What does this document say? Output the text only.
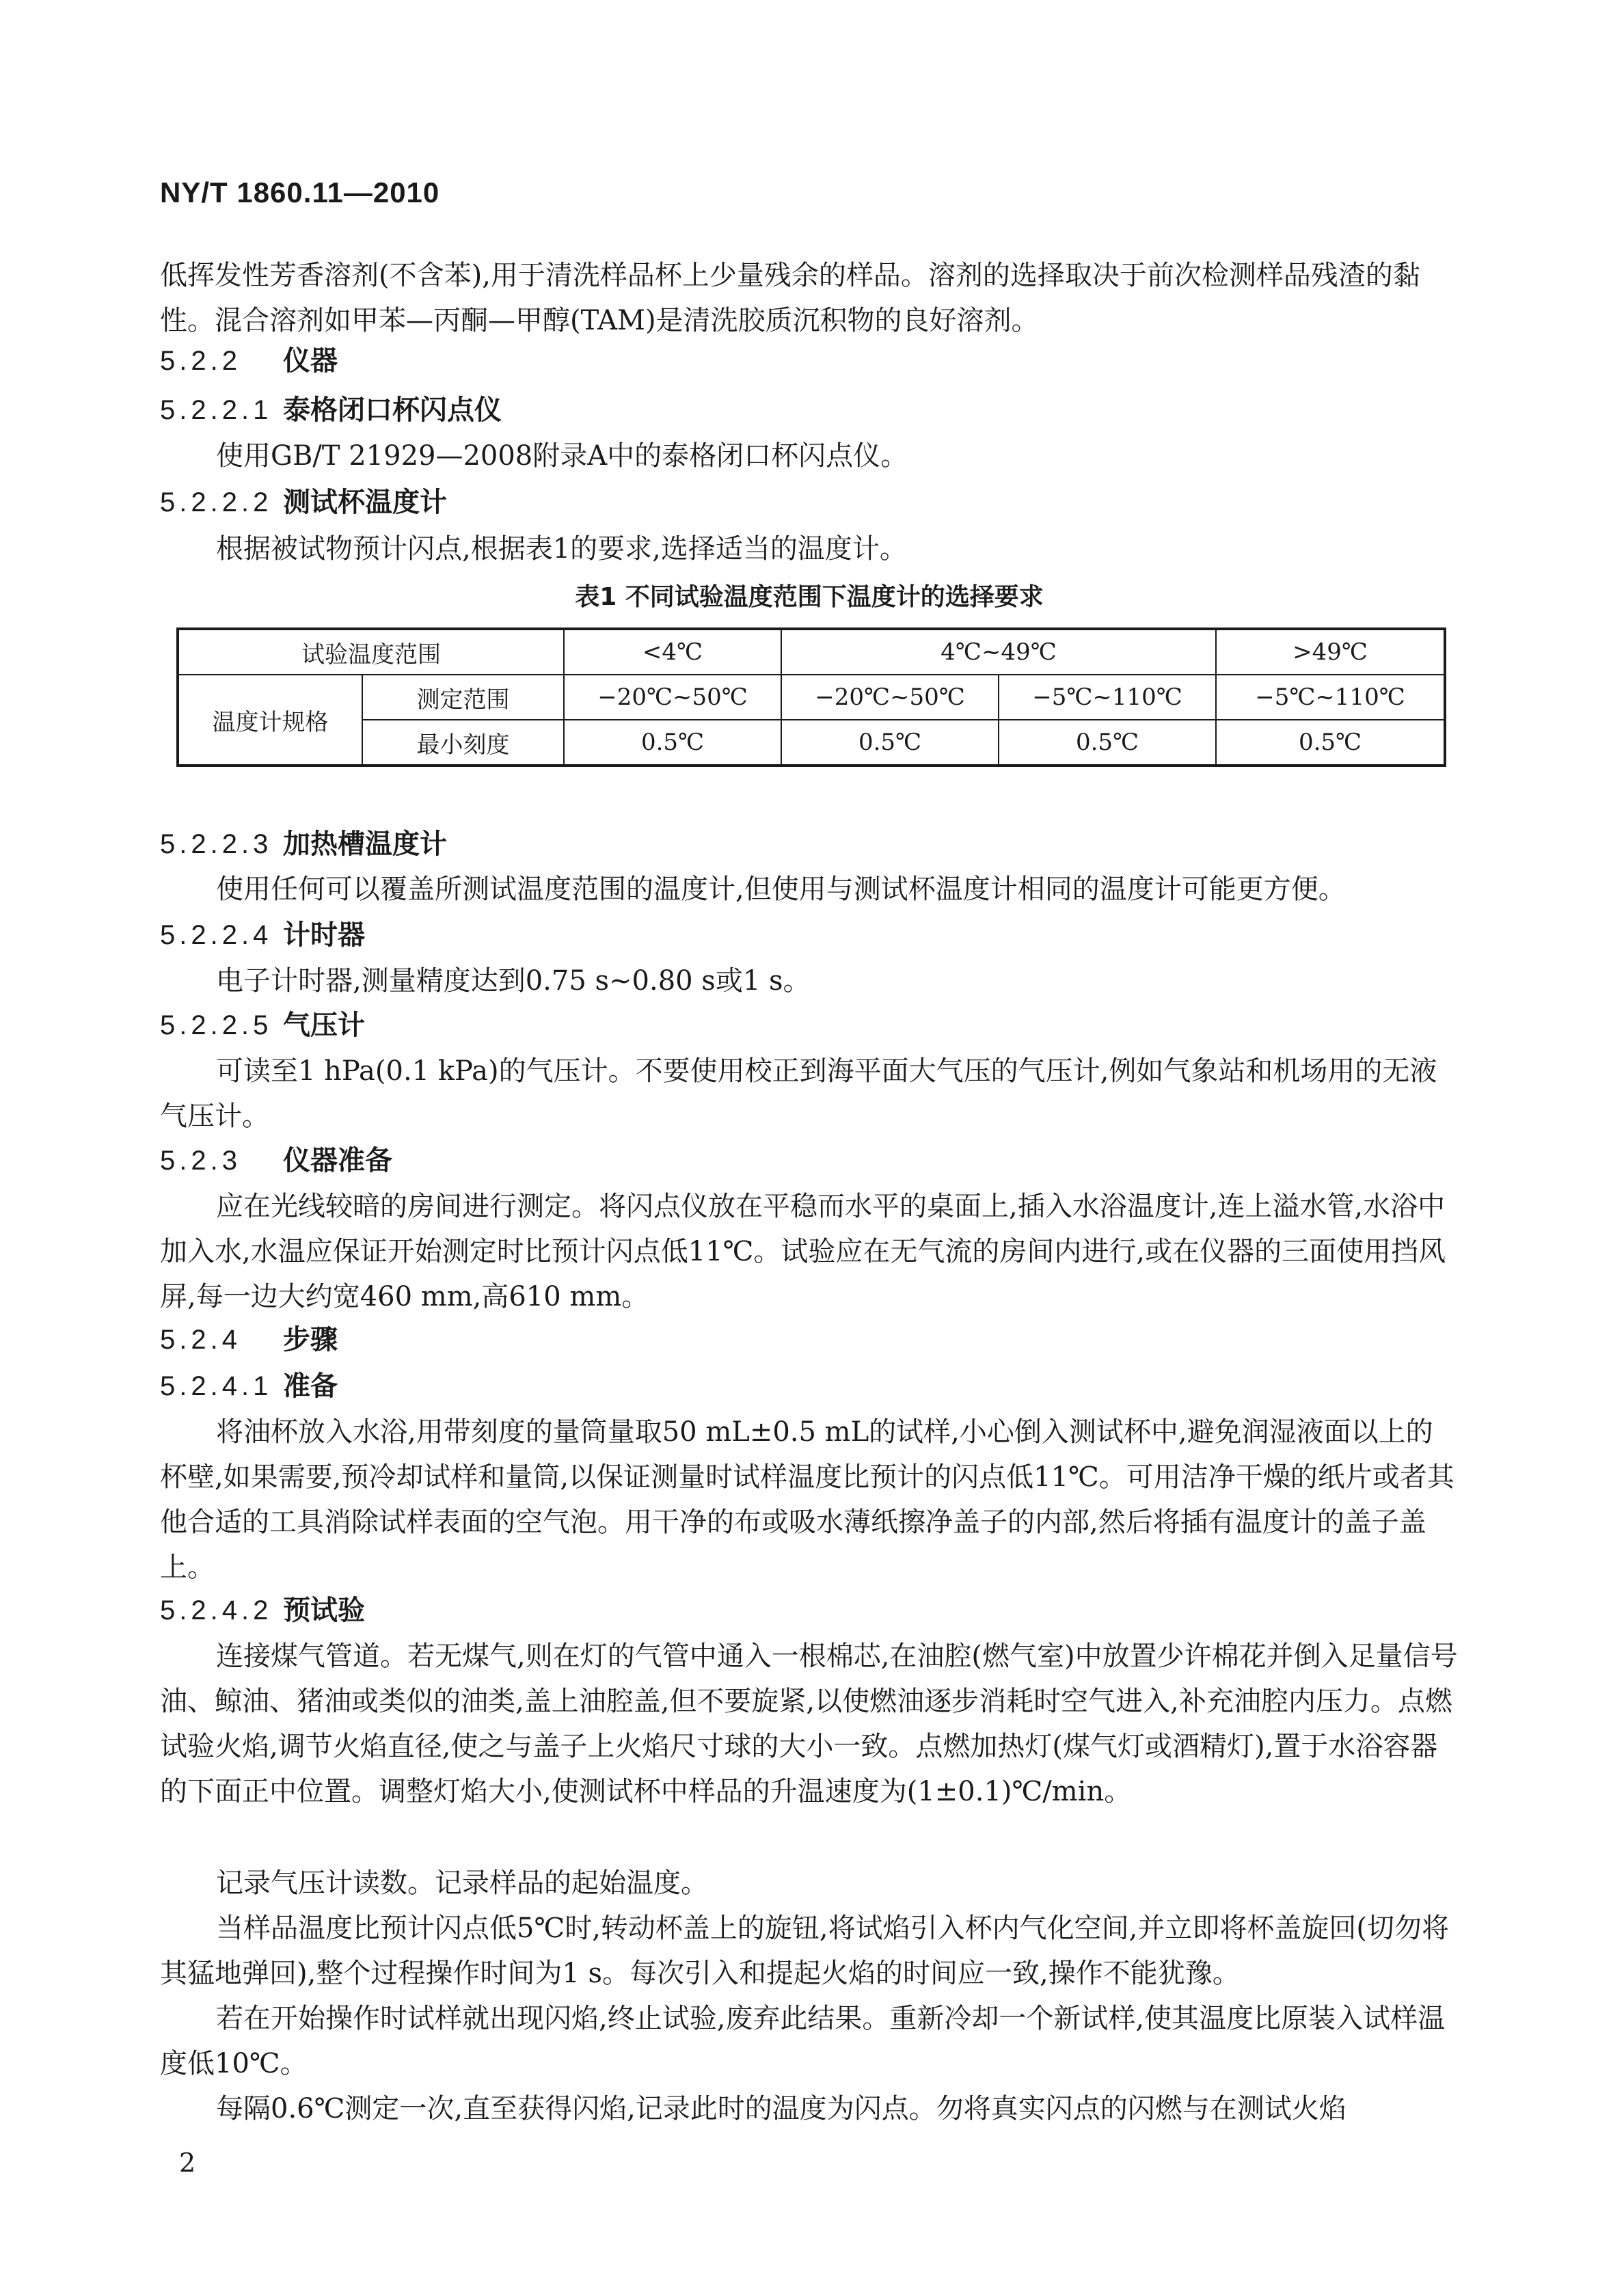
NY/T 1860.11—2010

低挥发性芳香溶剂(不含苯),用于清洗样品杯上少量残余的样品。溶剂的选择取决于前次检测样品残渣的黏性。混合溶剂如甲苯—丙酮—甲醇(TAM)是清洗胶质沉积物的良好溶剂。

5.2.2 仪器
5.2.2.1 泰格闭口杯闪点仪

使用GB/T 21929—2008附录A中的泰格闭口杯闪点仪。

5.2.2.2 测试杯温度计

根据被试物预计闪点,根据表1的要求,选择适当的温度计。

表1 不同试验温度范围下温度计的选择要求
试验温度范围		<4℃	4℃~49℃		>49℃
温度计规格	测定范围	−20℃~50℃	−20℃~50℃	−5℃~110℃	−5℃~110℃
	最小刻度	0.5℃	0.5℃	0.5℃	0.5℃
5.2.2.3 加热槽温度计

使用任何可以覆盖所测试温度范围的温度计,但使用与测试杯温度计相同的温度计可能更方便。

5.2.2.4 计时器

电子计时器,测量精度达到0.75 s~0.80 s或1 s。

5.2.2.5 气压计

可读至1 hPa(0.1 kPa)的气压计。不要使用校正到海平面大气压的气压计,例如气象站和机场用的无液气压计。

5.2.3 仪器准备

应在光线较暗的房间进行测定。将闪点仪放在平稳而水平的桌面上,插入水浴温度计,连上溢水管,水浴中加入水,水温应保证开始测定时比预计闪点低11℃。试验应在无气流的房间内进行,或在仪器的三面使用挡风屏,每一边大约宽460 mm,高610 mm。

5.2.4 步骤
5.2.4.1 准备

将油杯放入水浴,用带刻度的量筒量取50 mL±0.5 mL的试样,小心倒入测试杯中,避免润湿液面以上的杯壁,如果需要,预冷却试样和量筒,以保证测量时试样温度比预计的闪点低11℃。可用洁净干燥的纸片或者其他合适的工具消除试样表面的空气泡。用干净的布或吸水薄纸擦净盖子的内部,然后将插有温度计的盖子盖上。

5.2.4.2 预试验

连接煤气管道。若无煤气,则在灯的气管中通入一根棉芯,在油腔(燃气室)中放置少许棉花并倒入足量信号油、鲸油、猪油或类似的油类,盖上油腔盖,但不要旋紧,以使燃油逐步消耗时空气进入,补充油腔内压力。点燃试验火焰,调节火焰直径,使之与盖子上火焰尺寸球的大小一致。点燃加热灯(煤气灯或酒精灯),置于水浴容器的下面正中位置。调整灯焰大小,使测试杯中样品的升温速度为(1±0.1)℃/min。

记录气压计读数。记录样品的起始温度。

当样品温度比预计闪点低5℃时,转动杯盖上的旋钮,将试焰引入杯内气化空间,并立即将杯盖旋回(切勿将其猛地弹回),整个过程操作时间为1 s。每次引入和提起火焰的时间应一致,操作不能犹豫。

若在开始操作时试样就出现闪焰,终止试验,废弃此结果。重新冷却一个新试样,使其温度比原装入试样温度低10℃。

每隔0.6℃测定一次,直至获得闪焰,记录此时的温度为闪点。勿将真实闪点的闪燃与在测试火焰

2
